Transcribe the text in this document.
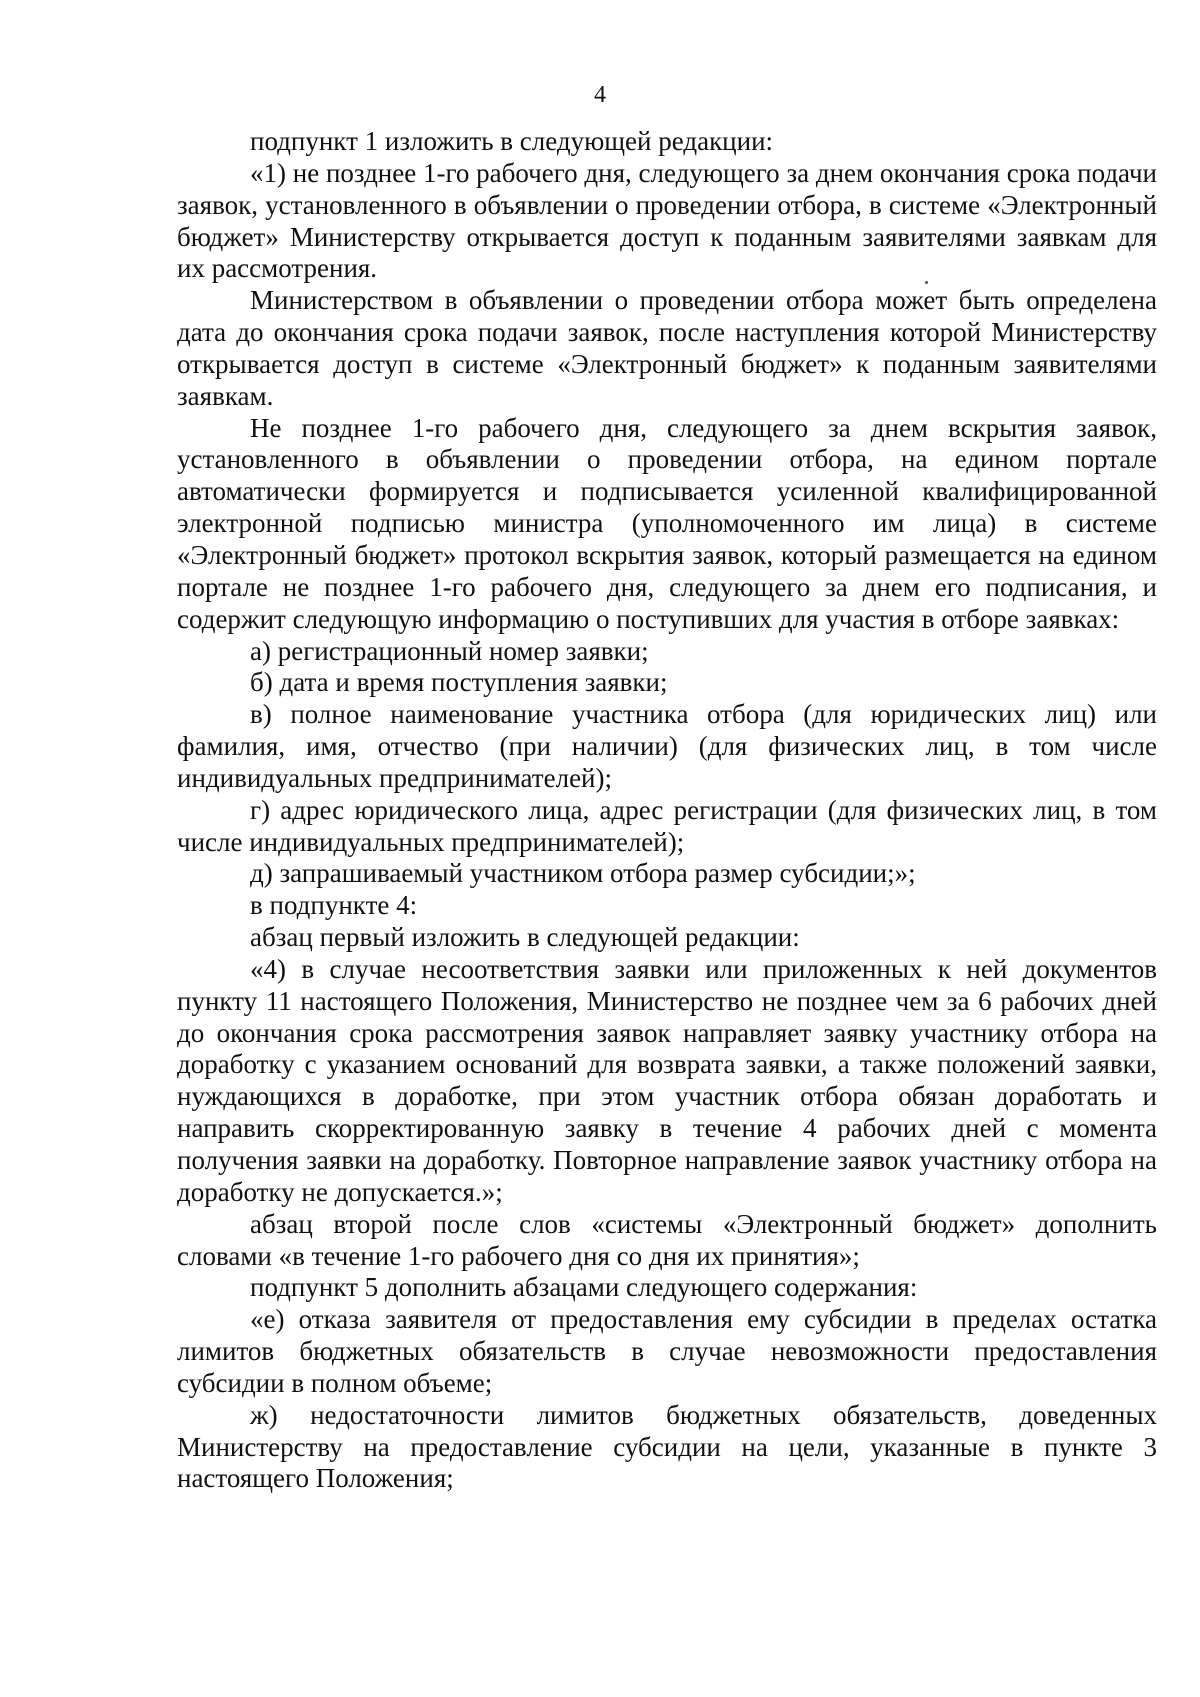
4

подпункт 1 изложить в следующей редакции:

«1) не позднее 1-го рабочего дня, следующего за днем окончания срока подачи заявок, установленного в объявлении о проведении отбора, в системе «Электронный бюджет» Министерству открывается доступ к поданным заявителями заявкам для их рассмотрения.

Министерством в объявлении о проведении отбора может быть определена дата до окончания срока подачи заявок, после наступления которой Министерству открывается доступ в системе «Электронный бюджет» к поданным заявителями заявкам.

Не позднее 1-го рабочего дня, следующего за днем вскрытия заявок, установленного в объявлении о проведении отбора, на едином портале автоматически формируется и подписывается усиленной квалифицированной электронной подписью министра (уполномоченного им лица) в системе «Электронный бюджет» протокол вскрытия заявок, который размещается на едином портале не позднее 1-го рабочего дня, следующего за днем его подписания, и содержит следующую информацию о поступивших для участия в отборе заявках:

а) регистрационный номер заявки;

б) дата и время поступления заявки;

в) полное наименование участника отбора (для юридических лиц) или фамилия, имя, отчество (при наличии) (для физических лиц, в том числе индивидуальных предпринимателей);

г) адрес юридического лица, адрес регистрации (для физических лиц, в том числе индивидуальных предпринимателей);

д) запрашиваемый участником отбора размер субсидии;»;

в подпункте 4:

абзац первый изложить в следующей редакции:

«4) в случае несоответствия заявки или приложенных к ней документов пункту 11 настоящего Положения, Министерство не позднее чем за 6 рабочих дней до окончания срока рассмотрения заявок направляет заявку участнику отбора на доработку с указанием оснований для возврата заявки, а также положений заявки, нуждающихся в доработке, при этом участник отбора обязан доработать и направить скорректированную заявку в течение 4 рабочих дней с момента получения заявки на доработку. Повторное направление заявок участнику отбора на доработку не допускается.»;

абзац второй после слов «системы «Электронный бюджет» дополнить словами «в течение 1-го рабочего дня со дня их принятия»;

подпункт 5 дополнить абзацами следующего содержания:

«е) отказа заявителя от предоставления ему субсидии в пределах остатка лимитов бюджетных обязательств в случае невозможности предоставления субсидии в полном объеме;

ж) недостаточности лимитов бюджетных обязательств, доведенных Министерству на предоставление субсидии на цели, указанные в пункте 3 настоящего Положения;
